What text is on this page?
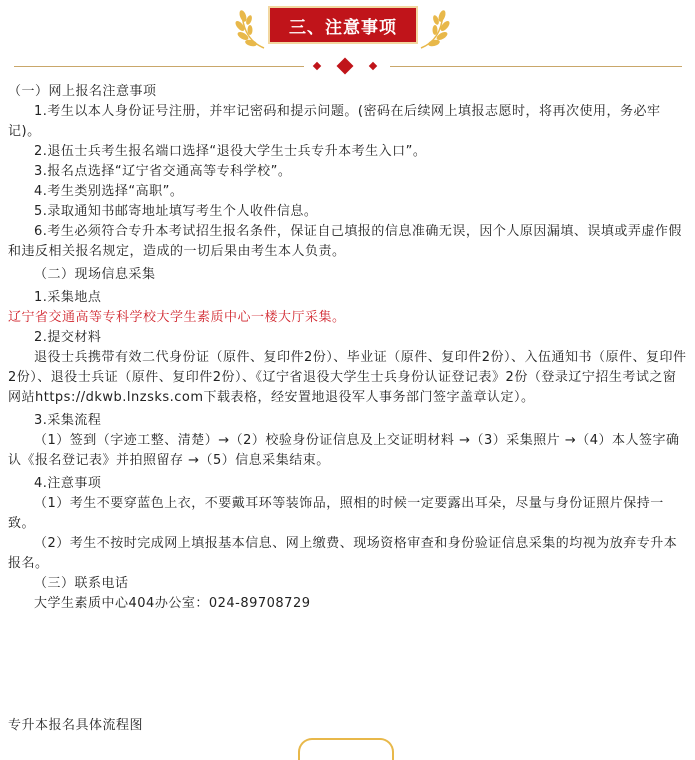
三、注意事项

（一）网上报名注意事项

1.考生以本人身份证号注册，并牢记密码和提示问题。(密码在后续网上填报志愿时，将再次使用，务必牢记)。

2.退伍士兵考生报名端口选择“退役大学生士兵专升本考生入口”。

3.报名点选择“辽宁省交通高等专科学校”。

4.考生类别选择“高职”。

5.录取通知书邮寄地址填写考生个人收件信息。

6.考生必须符合专升本考试招生报名条件，保证自己填报的信息准确无误，因个人原因漏填、误填或弄虚作假和违反相关报名规定，造成的一切后果由考生本人负责。

（二）现场信息采集

1.采集地点

辽宁省交通高等专科学校大学生素质中心一楼大厅采集。

2.提交材料

退役士兵携带有效二代身份证（原件、复印件2份）、毕业证（原件、复印件2份）、入伍通知书（原件、复印件2份）、退役士兵证（原件、复印件2份）、《辽宁省退役大学生士兵身份认证登记表》2份（登录辽宁招生考试之窗网站https://dkwb.lnzsks.com下载表格，经安置地退役军人事务部门签字盖章认定）。

3.采集流程

（1）签到（字迹工整、清楚）→（2）校验身份证信息及上交证明材料 →（3）采集照片 →（4）本人签字确认《报名登记表》并拍照留存 →（5）信息采集结束。

4.注意事项

（1）考生不要穿蓝色上衣，不要戴耳环等装饰品，照相的时候一定要露出耳朵，尽量与身份证照片保持一致。

（2）考生不按时完成网上填报基本信息、网上缴费、现场资格审查和身份验证信息采集的均视为放弃专升本报名。

（三）联系电话

大学生素质中心404办公室：024-89708729

专升本报名具体流程图
